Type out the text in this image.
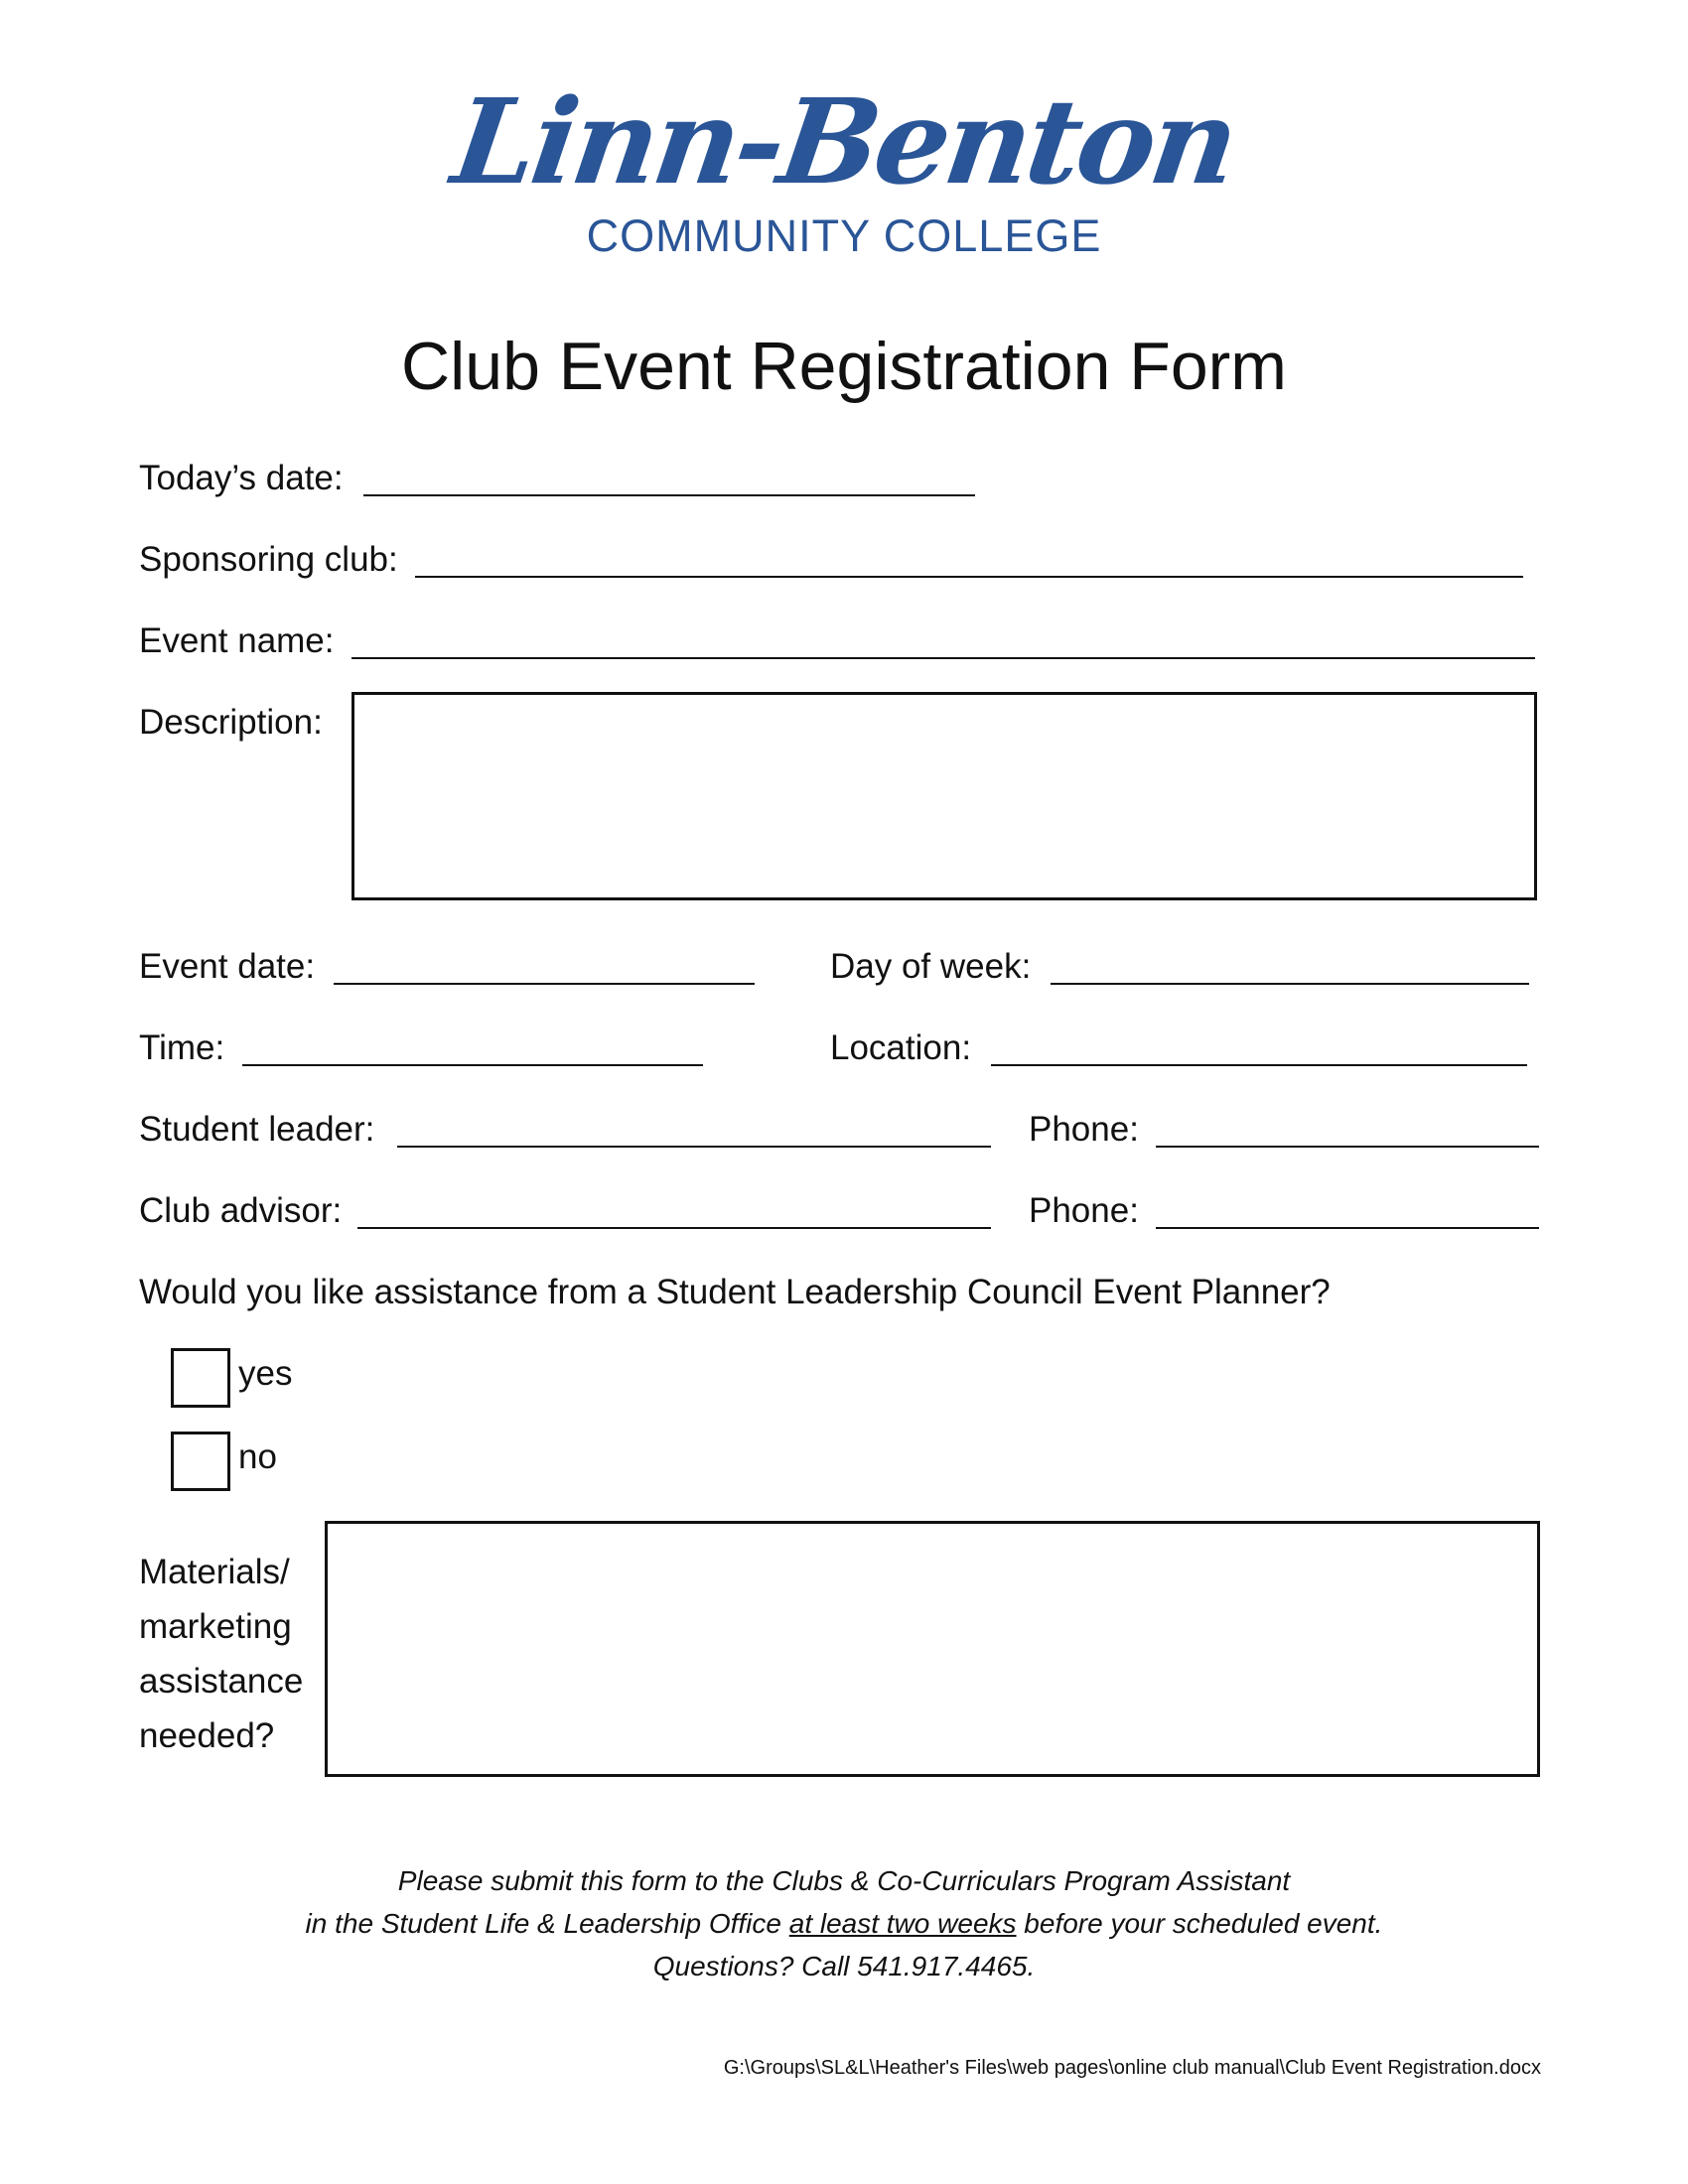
Linn-Benton
COMMUNITY COLLEGE
Club Event Registration Form
Today’s date:
Sponsoring club:
Event name:
Description:
Event date:	Day of week:
Time:	Location:
Student leader:	Phone:
Club advisor:	Phone:
Would you like assistance from a Student Leadership Council Event Planner?
yes
no
Materials/
marketing
assistance
needed?
Please submit this form to the Clubs & Co-Curriculars Program Assistant
in the Student Life & Leadership Office at least two weeks before your scheduled event.
Questions? Call 541.917.4465.
G:\Groups\SL&L\Heather's Files\web pages\online club manual\Club Event Registration.docx
